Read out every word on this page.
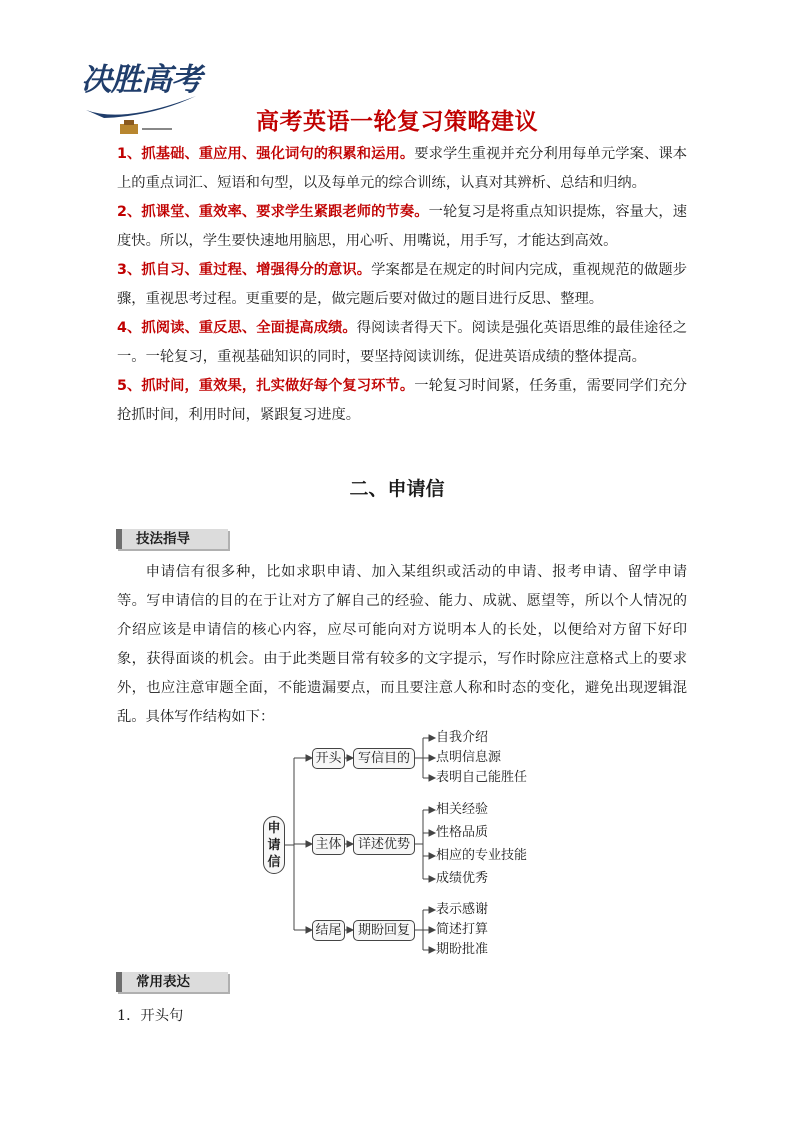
决胜高考
高考英语一轮复习策略建议

1、抓基础、重应用、强化词句的积累和运用。要求学生重视并充分利用每单元学案、课本上的重点词汇、短语和句型，以及每单元的综合训练，认真对其辨析、总结和归纳。

2、抓课堂、重效率、要求学生紧跟老师的节奏。一轮复习是将重点知识提炼，容量大，速度快。所以，学生要快速地用脑思，用心听、用嘴说，用手写，才能达到高效。

3、抓自习、重过程、增强得分的意识。学案都是在规定的时间内完成，重视规范的做题步骤，重视思考过程。更重要的是，做完题后要对做过的题目进行反思、整理。

4、抓阅读、重反思、全面提高成绩。得阅读者得天下。阅读是强化英语思维的最佳途径之一。一轮复习，重视基础知识的同时，要坚持阅读训练，促进英语成绩的整体提高。

5、抓时间，重效果，扎实做好每个复习环节。一轮复习时间紧，任务重，需要同学们充分抢抓时间，利用时间，紧跟复习进度。

二、申请信
技法指导

申请信有很多种，比如求职申请、加入某组织或活动的申请、报考申请、留学申请等。写申请信的目的在于让对方了解自己的经验、能力、成就、愿望等，所以个人情况的介绍应该是申请信的核心内容，应尽可能向对方说明本人的长处，以便给对方留下好印象，获得面谈的机会。由于此类题目常有较多的文字提示，写作时除应注意格式上的要求外，也应注意审题全面，不能遗漏要点，而且要注意人称和时态的变化，避免出现逻辑混乱。具体写作结构如下：

申请信
开头	写信目的
自我介绍
点明信息源
表明自己能胜任
主体	详述优势
相关经验
性格品质
相应的专业技能
成绩优秀
结尾	期盼回复
表示感谢
简述打算
期盼批准
常用表达
1．开头句
